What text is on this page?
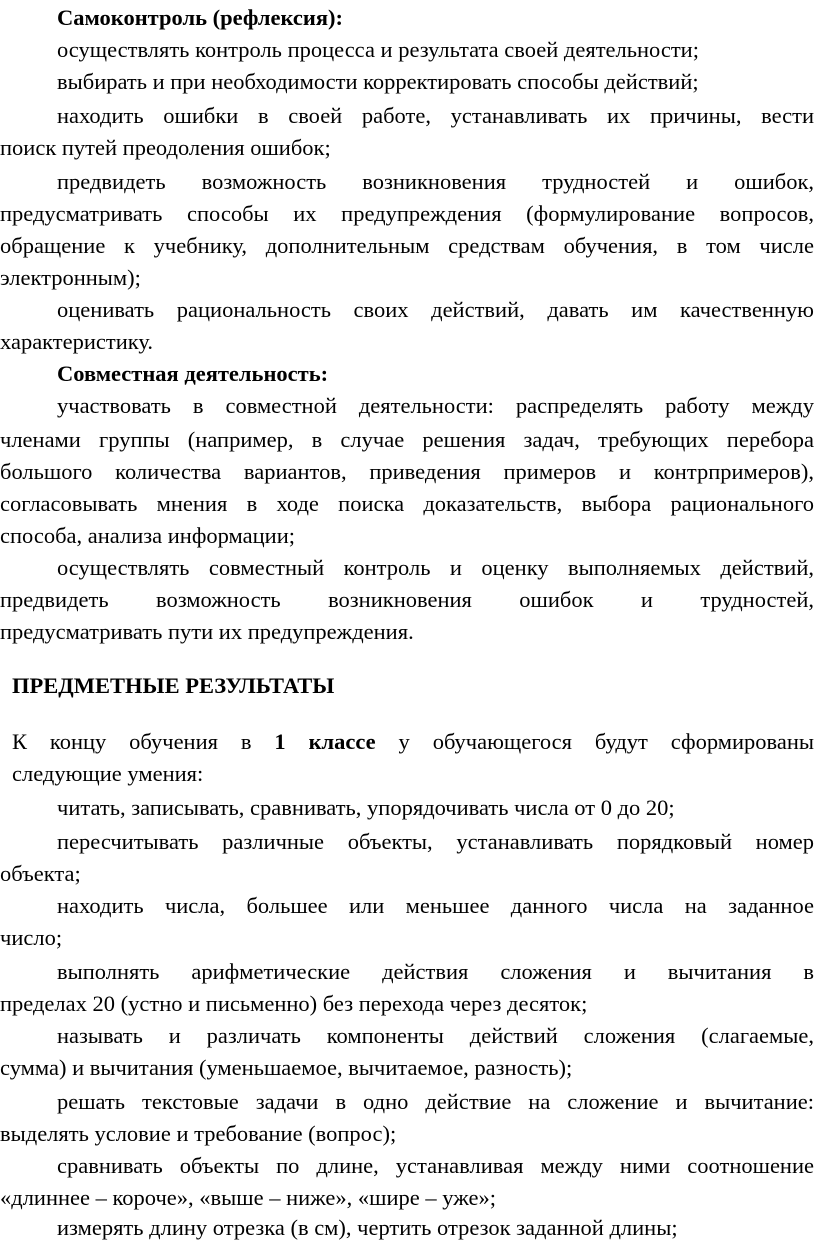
Самоконтроль (рефлексия):
осуществлять контроль процесса и результата своей деятельности;
выбирать и при необходимости корректировать способы действий;
находить ошибки в своей работе, устанавливать их причины, вести
поиск путей преодоления ошибок;
предвидеть возможность возникновения трудностей и ошибок,
предусматривать способы их предупреждения (формулирование вопросов,
обращение к учебнику, дополнительным средствам обучения, в том числе
электронным);
оценивать рациональность своих действий, давать им качественную
характеристику.
Совместная деятельность:
участвовать в совместной деятельности: распределять работу между
членами группы (например, в случае решения задач, требующих перебора
большого количества вариантов, приведения примеров и контрпримеров),
согласовывать мнения в ходе поиска доказательств, выбора рационального
способа, анализа информации;
осуществлять совместный контроль и оценку выполняемых действий,
предвидеть возможность возникновения ошибок и трудностей,
предусматривать пути их предупреждения.
ПРЕДМЕТНЫЕ РЕЗУЛЬТАТЫ
К концу обучения в 1 классе у обучающегося будут сформированы
следующие умения:
читать, записывать, сравнивать, упорядочивать числа от 0 до 20;
пересчитывать различные объекты, устанавливать порядковый номер
объекта;
находить числа, большее или меньшее данного числа на заданное
число;
выполнять арифметические действия сложения и вычитания в
пределах 20 (устно и письменно) без перехода через десяток;
называть и различать компоненты действий сложения (слагаемые,
сумма) и вычитания (уменьшаемое, вычитаемое, разность);
решать текстовые задачи в одно действие на сложение и вычитание:
выделять условие и требование (вопрос);
сравнивать объекты по длине, устанавливая между ними соотношение
«длиннее – короче», «выше – ниже», «шире – уже»;
измерять длину отрезка (в см), чертить отрезок заданной длины;
